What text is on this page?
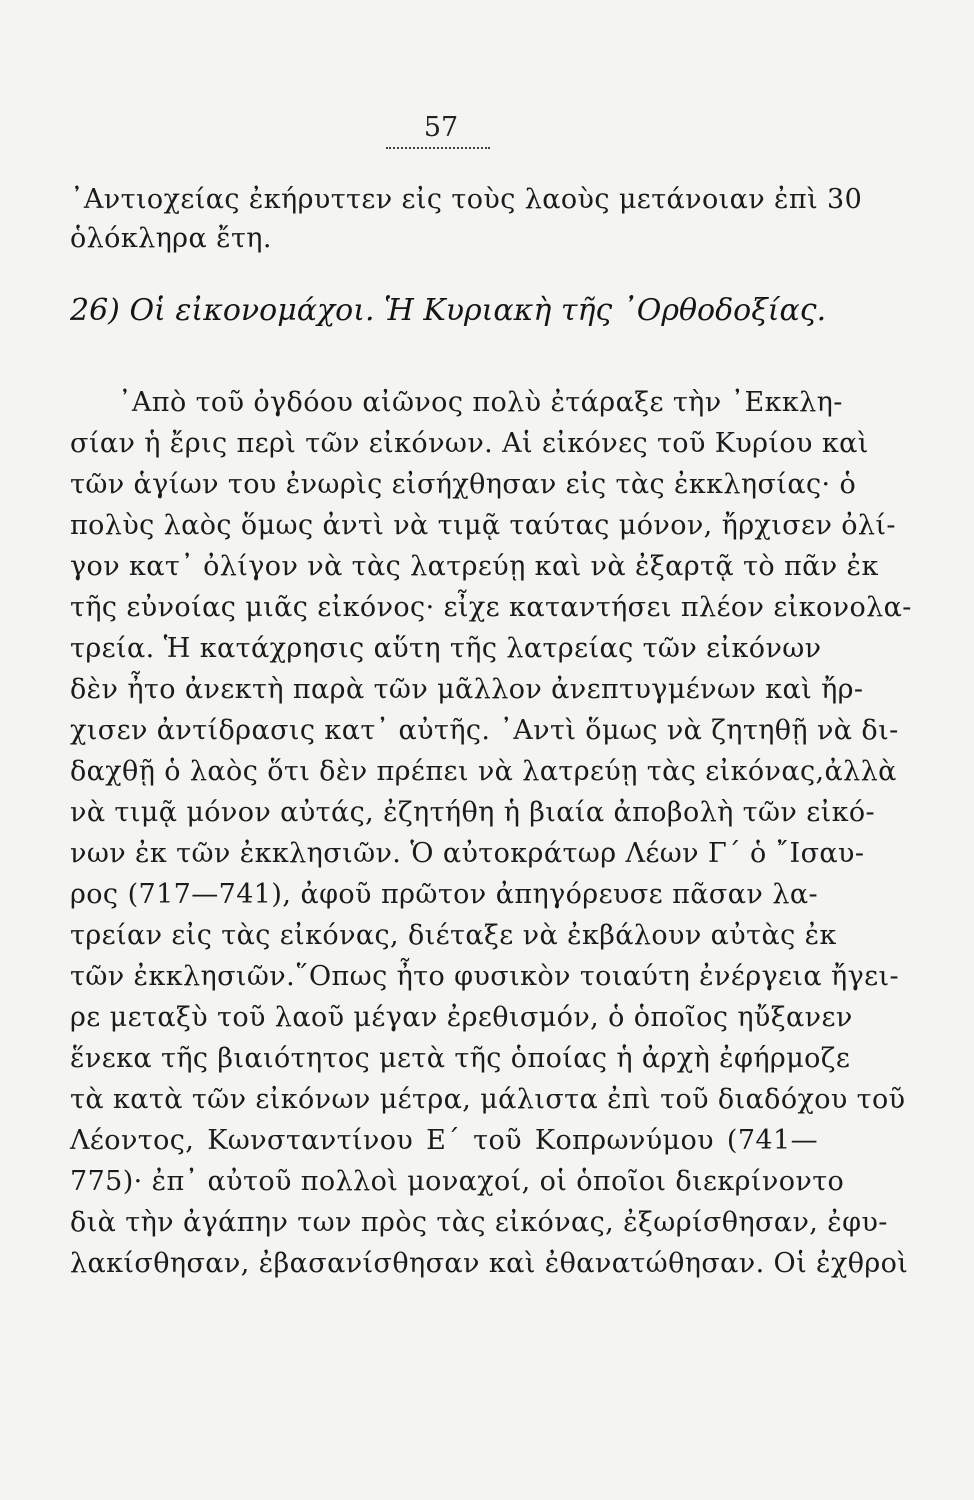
57
᾿Αντιοχείας ἐκήρυττεν εἰς τοὺς λαοὺς μετάνοιαν ἐπὶ 30
ὁλόκληρα ἔτη.
26) Οἱ εἰκονομάχοι. Ἡ Κυριακὴ τῆς ᾿Ορθοδοξίας.
᾿Απὸ τοῦ ὀγδόου αἰῶνος πολὺ ἐτάραξε τὴν ᾿Εκκλη-
σίαν ἡ ἔρις περὶ τῶν εἰκόνων. Αἱ εἰκόνες τοῦ Κυρίου καὶ
τῶν ἁγίων του ἐνωρὶς εἰσήχθησαν εἰς τὰς ἐκκλησίας· ὁ
πολὺς λαὸς ὅμως ἀντὶ νὰ τιμᾷ ταύτας μόνον, ἤρχισεν ὀλί-
γον κατ᾿ ὀλίγον νὰ τὰς λατρεύῃ καὶ νὰ ἐξαρτᾷ τὸ πᾶν ἐκ
τῆς εὐνοίας μιᾶς εἰκόνος· εἶχε καταντήσει πλέον εἰκονολα-
τρεία. Ἡ κατάχρησις αὕτη τῆς λατρείας τῶν εἰκόνων
δὲν ἦτο ἀνεκτὴ παρὰ τῶν μᾶλλον ἀνεπτυγμένων καὶ ἤρ-
χισεν ἀντίδρασις κατ᾿ αὐτῆς. ᾿Αντὶ ὅμως νὰ ζητηθῇ νὰ δι-
δαχθῇ ὁ λαὸς ὅτι δὲν πρέπει νὰ λατρεύῃ τὰς εἰκόνας,ἀλλὰ
νὰ τιμᾷ μόνον αὐτάς, ἐζητήθη ἡ βιαία ἀποβολὴ τῶν εἰκό-
νων ἐκ τῶν ἐκκλησιῶν. Ὁ αὐτοκράτωρ Λέων Γ´ ὁ ῎Ισαυ-
ρος (717—741), ἀφοῦ πρῶτον ἀπηγόρευσε πᾶσαν λα-
τρείαν εἰς τὰς εἰκόνας, διέταξε νὰ ἐκβάλουν αὐτὰς ἐκ
τῶν ἐκκλησιῶν.῞Οπως ἦτο φυσικὸν τοιαύτη ἐνέργεια ἤγει-
ρε μεταξὺ τοῦ λαοῦ μέγαν ἐρεθισμόν, ὁ ὁποῖος ηὔξανεν
ἕνεκα τῆς βιαιότητος μετὰ τῆς ὁποίας ἡ ἀρχὴ ἐφήρμοζε
τὰ κατὰ τῶν εἰκόνων μέτρα, μάλιστα ἐπὶ τοῦ διαδόχου τοῦ
Λέοντος, Κωνσταντίνου Ε´ τοῦ Κοπρωνύμου (741—
775)· ἐπ᾿ αὐτοῦ πολλοὶ μοναχοί, οἱ ὁποῖοι διεκρίνοντο
διὰ τὴν ἀγάπην των πρὸς τὰς εἰκόνας, ἐξωρίσθησαν, ἐφυ-
λακίσθησαν, ἐβασανίσθησαν καὶ ἐθανατώθησαν. Οἱ ἐχθροὶ
